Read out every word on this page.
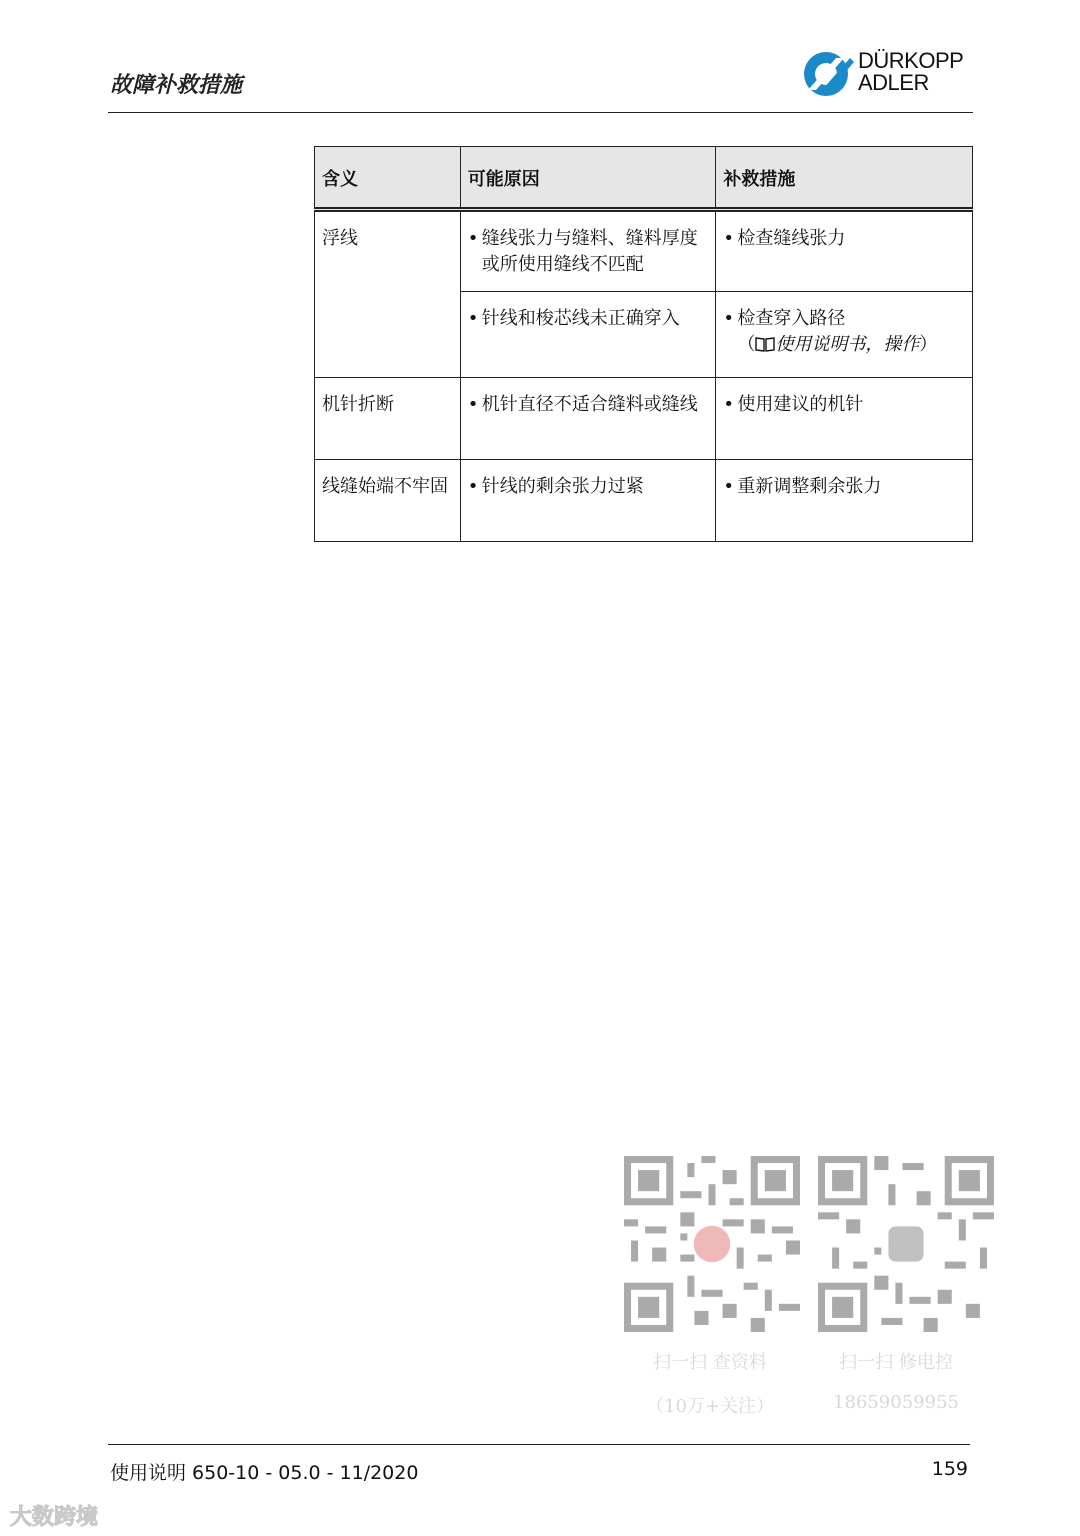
故障补救措施
DÜRKOPP
ADLER
含义	可能原因	补救措施
浮线	• 缝线张力与缝料、缝料厚度或所使用缝线不匹配	• 检查缝线张力

	• 针线和梭芯线未正确穿入	• 检查穿入路径
（ 使用说明书，操作）

机针折断	• 机针直径不适合缝料或缝线	• 使用建议的机针

线缝始端不牢固	• 针线的剩余张力过紧	• 重新调整剩余张力
扫一扫 查资料
（10万+关注）
扫一扫 修电控
18659059955
使用说明 650-10 - 05.0 - 11/2020	159
大数跨境
